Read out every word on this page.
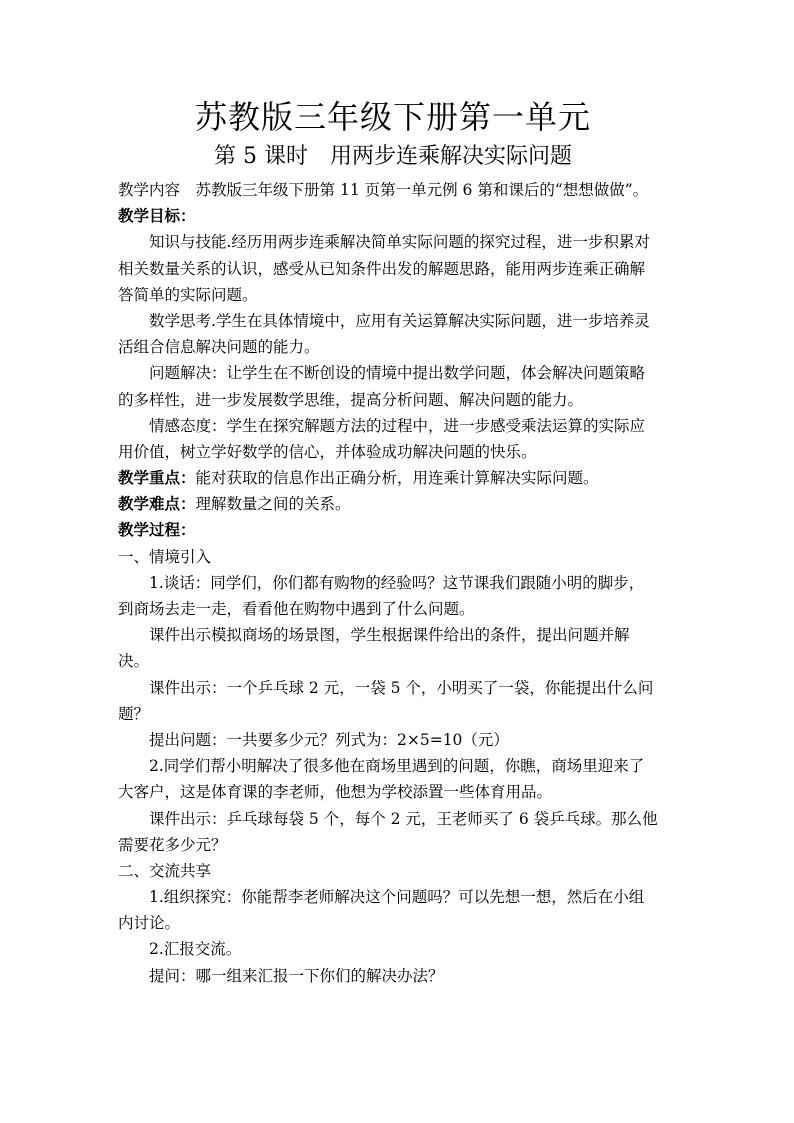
苏教版三年级下册第一单元
第 5 课时　用两步连乘解决实际问题
教学内容　 苏教版三年级下册第 11 页第一单元例 6 第和课后的“想想做做”。
教学目标：
知识与技能.经历用两步连乘解决简单实际问题的探究过程，进一步积累对
相关数量关系的认识，感受从已知条件出发的解题思路，能用两步连乘正确解
答简单的实际问题。
数学思考.学生在具体情境中，应用有关运算解决实际问题，进一步培养灵
活组合信息解决问题的能力。
问题解决：让学生在不断创设的情境中提出数学问题，体会解决问题策略
的多样性，进一步发展数学思维，提高分析问题、解决问题的能力。
情感态度：学生在探究解题方法的过程中，进一步感受乘法运算的实际应
用价值，树立学好数学的信心，并体验成功解决问题的快乐。
教学重点：能对获取的信息作出正确分析，用连乘计算解决实际问题。
教学难点：理解数量之间的关系。
教学过程：
一、情境引入
1.谈话：同学们，你们都有购物的经验吗？这节课我们跟随小明的脚步，
到商场去走一走，看看他在购物中遇到了什么问题。
课件出示模拟商场的场景图，学生根据课件给出的条件，提出问题并解
决。
课件出示：一个乒乓球 2 元，一袋 5 个，小明买了一袋，你能提出什么问
题？
提出问题：一共要多少元？列式为：2×5=10（元）
2.同学们帮小明解决了很多他在商场里遇到的问题，你瞧，商场里迎来了
大客户，这是体育课的李老师，他想为学校添置一些体育用品。
课件出示：乒乓球每袋 5 个，每个 2 元，王老师买了 6 袋乒乓球。那么他
需要花多少元？
二、交流共享
1.组织探究：你能帮李老师解决这个问题吗？可以先想一想，然后在小组
内讨论。
2.汇报交流。
提问：哪一组来汇报一下你们的解决办法？
